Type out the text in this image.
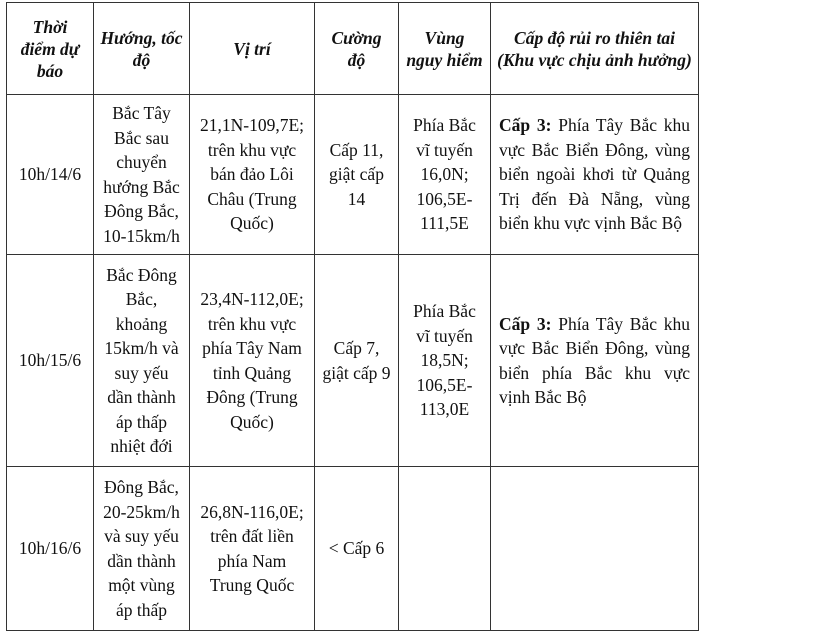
Thời điểm dự báo	Hướng, tốc độ	Vị trí	Cường độ	Vùng nguy hiểm	Cấp độ rủi ro thiên tai (Khu vực chịu ảnh hưởng)
10h/14/6	Bắc Tây Bắc sau chuyển hướng Bắc Đông Bắc, 10-15km/h	21,1N-109,7E; trên khu vực bán đảo Lôi Châu (Trung Quốc)	Cấp 11, giật cấp 14	Phía Bắc vĩ tuyến 16,0N; 106,5E-111,5E	Cấp 3: Phía Tây Bắc khu vực Bắc Biển Đông, vùng biển ngoài khơi từ Quảng Trị đến Đà Nẵng, vùng biển khu vực vịnh Bắc Bộ
10h/15/6	Bắc Đông Bắc, khoảng 15km/h và suy yếu dần thành áp thấp nhiệt đới	23,4N-112,0E; trên khu vực phía Tây Nam tỉnh Quảng Đông (Trung Quốc)	Cấp 7, giật cấp 9	Phía Bắc vĩ tuyến 18,5N; 106,5E-113,0E	Cấp 3: Phía Tây Bắc khu vực Bắc Biển Đông, vùng biển phía Bắc khu vực vịnh Bắc Bộ
10h/16/6	Đông Bắc, 20-25km/h và suy yếu dần thành một vùng áp thấp	26,8N-116,0E; trên đất liền phía Nam Trung Quốc	< Cấp 6		
